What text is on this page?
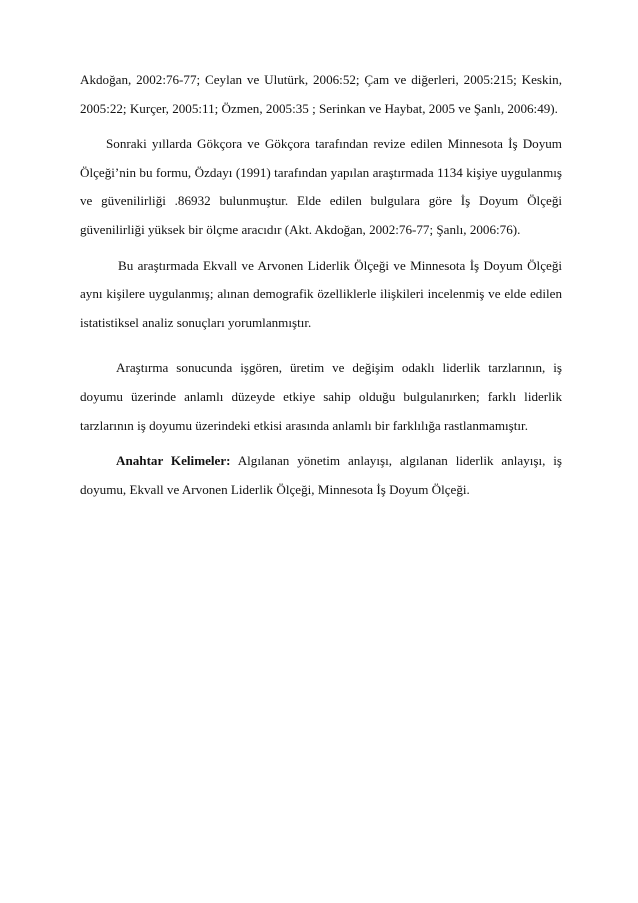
Akdoğan, 2002:76-77; Ceylan ve Ulutürk, 2006:52; Çam ve diğerleri, 2005:215; Keskin, 2005:22; Kurçer, 2005:11; Özmen, 2005:35 ; Serinkan ve Haybat, 2005 ve Şanlı, 2006:49).

Sonraki yıllarda Gökçora ve Gökçora tarafından revize edilen Minnesota İş Doyum Ölçeği’nin bu formu, Özdayı (1991) tarafından yapılan araştırmada 1134 kişiye uygulanmış ve güvenilirliği .86932 bulunmuştur. Elde edilen bulgulara göre İş Doyum Ölçeği güvenilirliği yüksek bir ölçme aracıdır (Akt. Akdoğan, 2002:76-77; Şanlı, 2006:76).

Bu araştırmada Ekvall ve Arvonen Liderlik Ölçeği ve Minnesota İş Doyum Ölçeği aynı kişilere uygulanmış; alınan demografik özelliklerle ilişkileri incelenmiş ve elde edilen istatistiksel analiz sonuçları yorumlanmıştır.

Araştırma sonucunda işgören, üretim ve değişim odaklı liderlik tarzlarının, iş doyumu üzerinde anlamlı düzeyde etkiye sahip olduğu bulgulanırken; farklı liderlik tarzlarının iş doyumu üzerindeki etkisi arasında anlamlı bir farklılığa rastlanmamıştır.

Anahtar Kelimeler: Algılanan yönetim anlayışı, algılanan liderlik anlayışı, iş doyumu, Ekvall ve Arvonen Liderlik Ölçeği, Minnesota İş Doyum Ölçeği.
